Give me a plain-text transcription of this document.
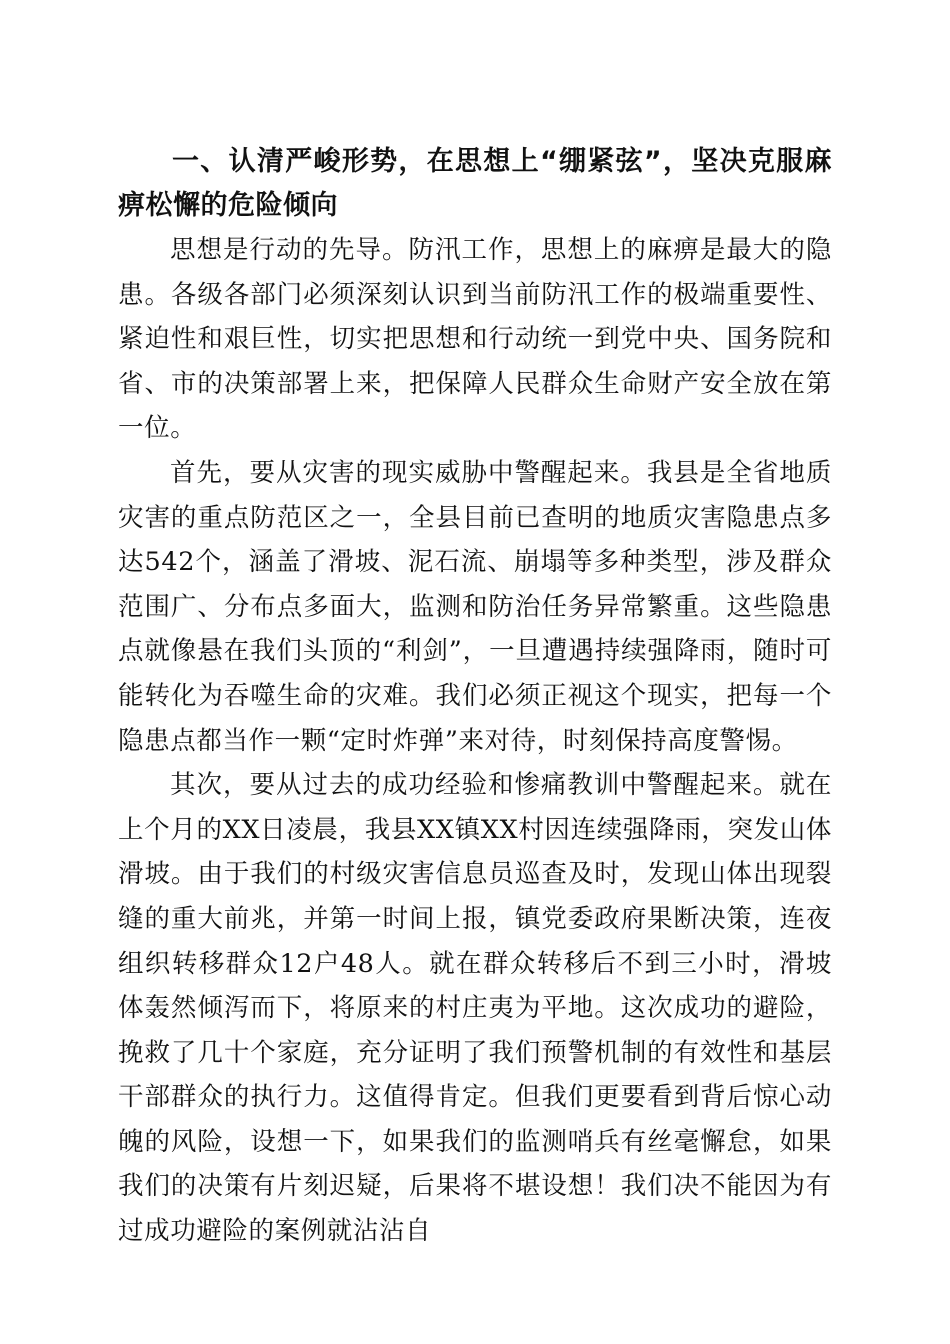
一、认清严峻形势，在思想上“绷紧弦”，坚决克服麻痹松懈的危险倾向

思想是行动的先导。防汛工作，思想上的麻痹是最大的隐患。各级各部门必须深刻认识到当前防汛工作的极端重要性、紧迫性和艰巨性，切实把思想和行动统一到党中央、国务院和省、市的决策部署上来，把保障人民群众生命财产安全放在第一位。

首先，要从灾害的现实威胁中警醒起来。我县是全省地质灾害的重点防范区之一，全县目前已查明的地质灾害隐患点多达542个，涵盖了滑坡、泥石流、崩塌等多种类型，涉及群众范围广、分布点多面大，监测和防治任务异常繁重。这些隐患点就像悬在我们头顶的“利剑”，一旦遭遇持续强降雨，随时可能转化为吞噬生命的灾难。我们必须正视这个现实，把每一个隐患点都当作一颗“定时炸弹”来对待，时刻保持高度警惕。

其次，要从过去的成功经验和惨痛教训中警醒起来。就在上个月的XX日凌晨，我县XX镇XX村因连续强降雨，突发山体滑坡。由于我们的村级灾害信息员巡查及时，发现山体出现裂缝的重大前兆，并第一时间上报，镇党委政府果断决策，连夜组织转移群众12户48人。就在群众转移后不到三小时，滑坡体轰然倾泻而下，将原来的村庄夷为平地。这次成功的避险，挽救了几十个家庭，充分证明了我们预警机制的有效性和基层干部群众的执行力。这值得肯定。但我们更要看到背后惊心动魄的风险，设想一下，如果我们的监测哨兵有丝毫懈怠，如果我们的决策有片刻迟疑，后果将不堪设想！我们决不能因为有过成功避险的案例就沾沾自
